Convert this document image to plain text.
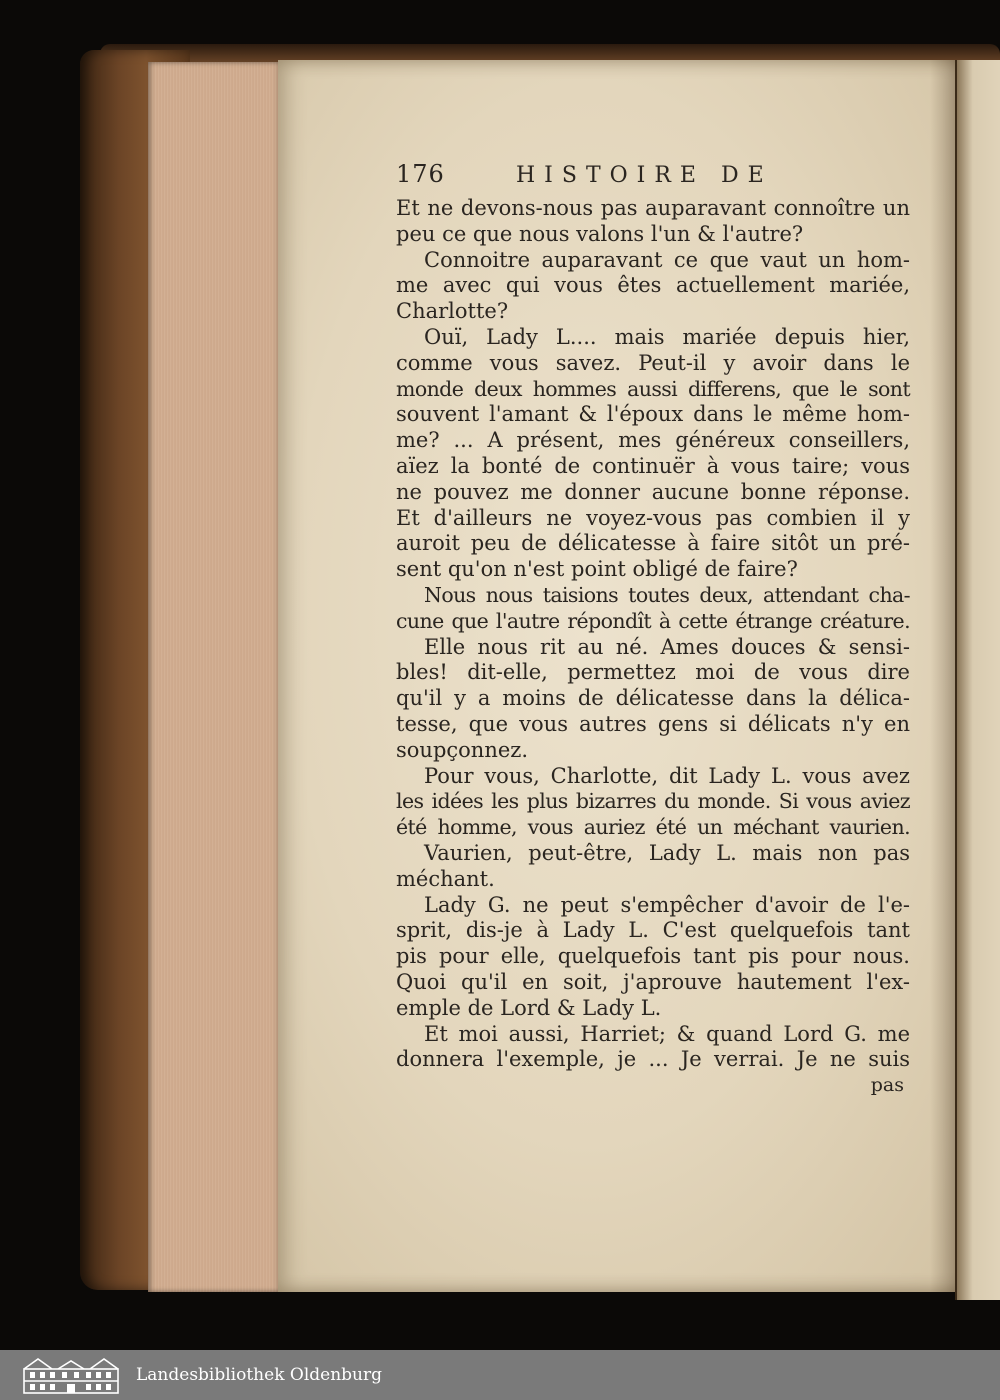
176	HISTOIRE DE
Et ne devons-nous pas auparavant connoître un
peu ce que nous valons l'un & l'autre?
Connoitre auparavant ce que vaut un hom-
me avec qui vous êtes actuellement mariée,
Charlotte?
Ouï, Lady L.... mais mariée depuis hier,
comme vous savez. Peut-il y avoir dans le
monde deux hommes aussi differens, que le sont
souvent l'amant & l'époux dans le même hom-
me? ... A présent, mes généreux conseillers,
aïez la bonté de continuër à vous taire; vous
ne pouvez me donner aucune bonne réponse.
Et d'ailleurs ne voyez-vous pas combien il y
auroit peu de délicatesse à faire sitôt un pré-
sent qu'on n'est point obligé de faire?
Nous nous taisions toutes deux, attendant cha-
cune que l'autre répondît à cette étrange créature.
Elle nous rit au né. Ames douces & sensi-
bles! dit-elle, permettez moi de vous dire
qu'il y a moins de délicatesse dans la délica-
tesse, que vous autres gens si délicats n'y en
soupçonnez.
Pour vous, Charlotte, dit Lady L. vous avez
les idées les plus bizarres du monde. Si vous aviez
été homme, vous auriez été un méchant vaurien.
Vaurien, peut-être, Lady L. mais non pas
méchant.
Lady G. ne peut s'empêcher d'avoir de l'e-
sprit, dis-je à Lady L. C'est quelquefois tant
pis pour elle, quelquefois tant pis pour nous.
Quoi qu'il en soit, j'aprouve hautement l'ex-
emple de Lord & Lady L.
Et moi aussi, Harriet; & quand Lord G. me
donnera l'exemple, je ... Je verrai. Je ne suis
pas
Landesbibliothek Oldenburg
